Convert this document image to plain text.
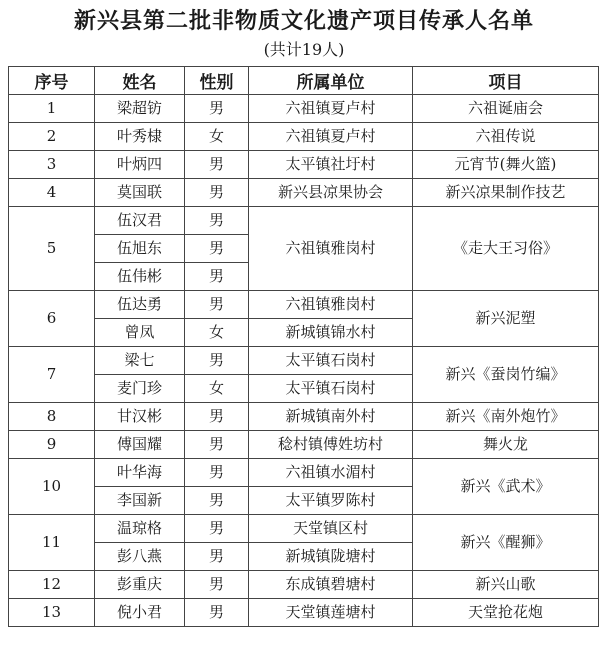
新兴县第二批非物质文化遗产项目传承人名单
(共计19人)
序号	姓名	性别	所属单位	项目
1	梁超钫	男	六祖镇夏卢村	六祖诞庙会
2	叶秀棣	女	六祖镇夏卢村	六祖传说
3	叶炳四	男	太平镇社圩村	元宵节(舞火篮)
4	莫国联	男	新兴县凉果协会	新兴凉果制作技艺
5	伍汉君	男	六祖镇雅岗村	《走大王习俗》
	伍旭东	男		
	伍伟彬	男		
6	伍达勇	男	六祖镇雅岗村	新兴泥塑
	曾凤	女	新城镇锦水村	
7	梁七	男	太平镇石岗村	新兴《蚕岗竹编》
	麦门珍	女	太平镇石岗村	
8	甘汉彬	男	新城镇南外村	新兴《南外炮竹》
9	傅国耀	男	稔村镇傅姓坊村	舞火龙
10	叶华海	男	六祖镇水湄村	新兴《武术》
	李国新	男	太平镇罗陈村	
11	温琼格	男	天堂镇区村	新兴《醒狮》
	彭八燕	男	新城镇陇塘村	
12	彭重庆	男	东成镇碧塘村	新兴山歌
13	倪小君	男	天堂镇莲塘村	天堂抢花炮
